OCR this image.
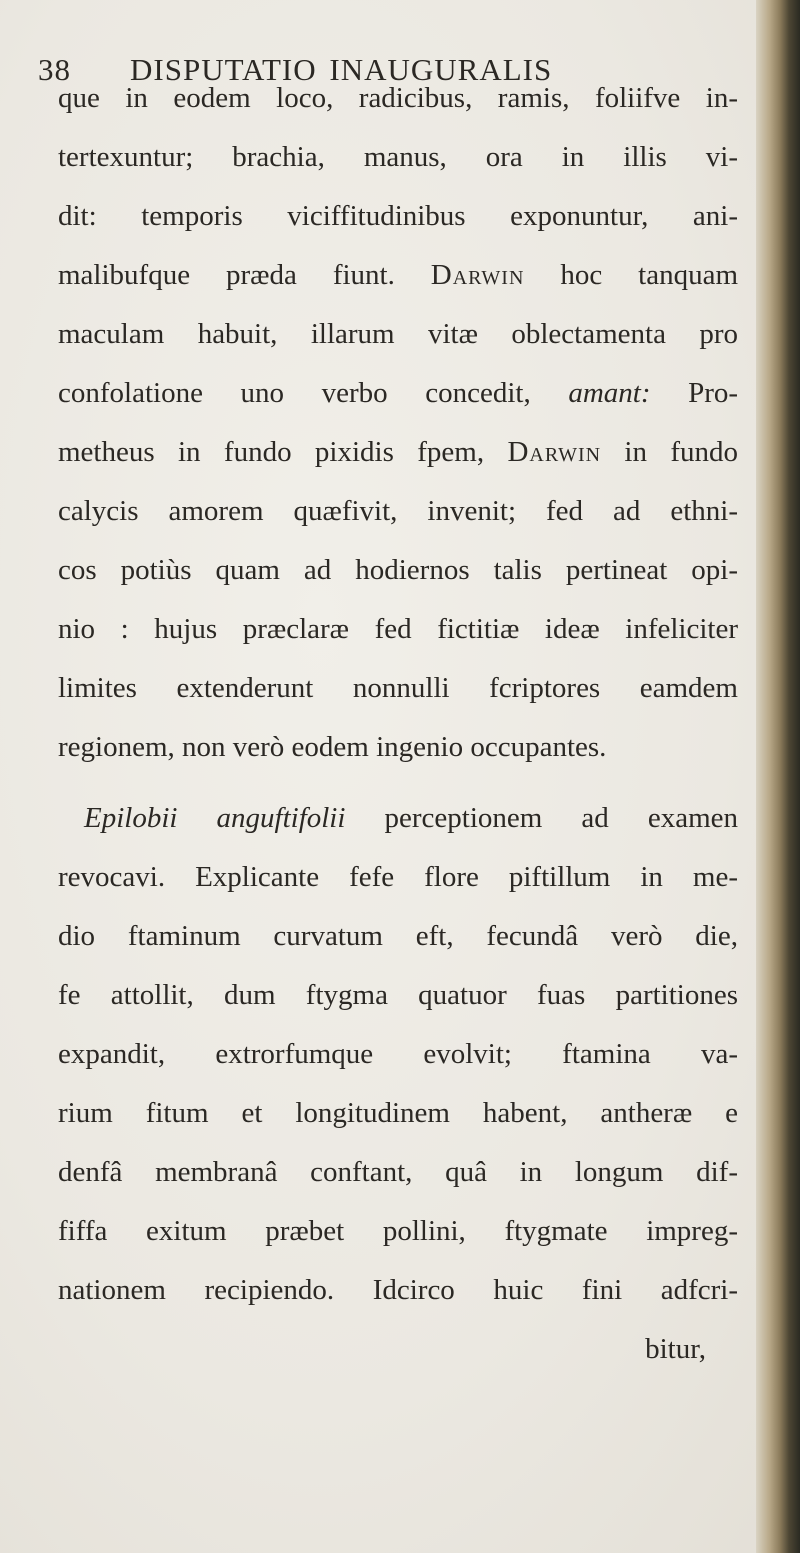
38 DISPUTATIO INAUGURALIS
que in eodem loco, radicibus, ramis, foliifve in-
tertexuntur; brachia, manus, ora in illis vi-
dit: temporis viciffitudinibus exponuntur, ani-
malibufque præda fiunt. Darwin hoc tanquam
maculam habuit, illarum vitæ oblectamenta pro
confolatione uno verbo concedit, amant: Pro-
metheus in fundo pixidis fpem, Darwin in fundo
calycis amorem quæfivit, invenit; fed ad ethni-
cos potiùs quam ad hodiernos talis pertineat opi-
nio : hujus præclaræ fed fictitiæ ideæ infeliciter
limites extenderunt nonnulli fcriptores eamdem
regionem, non verò eodem ingenio occupantes.
Epilobii anguftifolii perceptionem ad examen
revocavi. Explicante fefe flore piftillum in me-
dio ftaminum curvatum eft, fecundâ verò die,
fe attollit, dum ftygma quatuor fuas partitiones
expandit, extrorfumque evolvit; ftamina va-
rium fitum et longitudinem habent, antheræ e
denfâ membranâ conftant, quâ in longum dif-
fiffa exitum præbet pollini, ftygmate impreg-
nationem recipiendo. Idcirco huic fini adfcri-
bitur,
